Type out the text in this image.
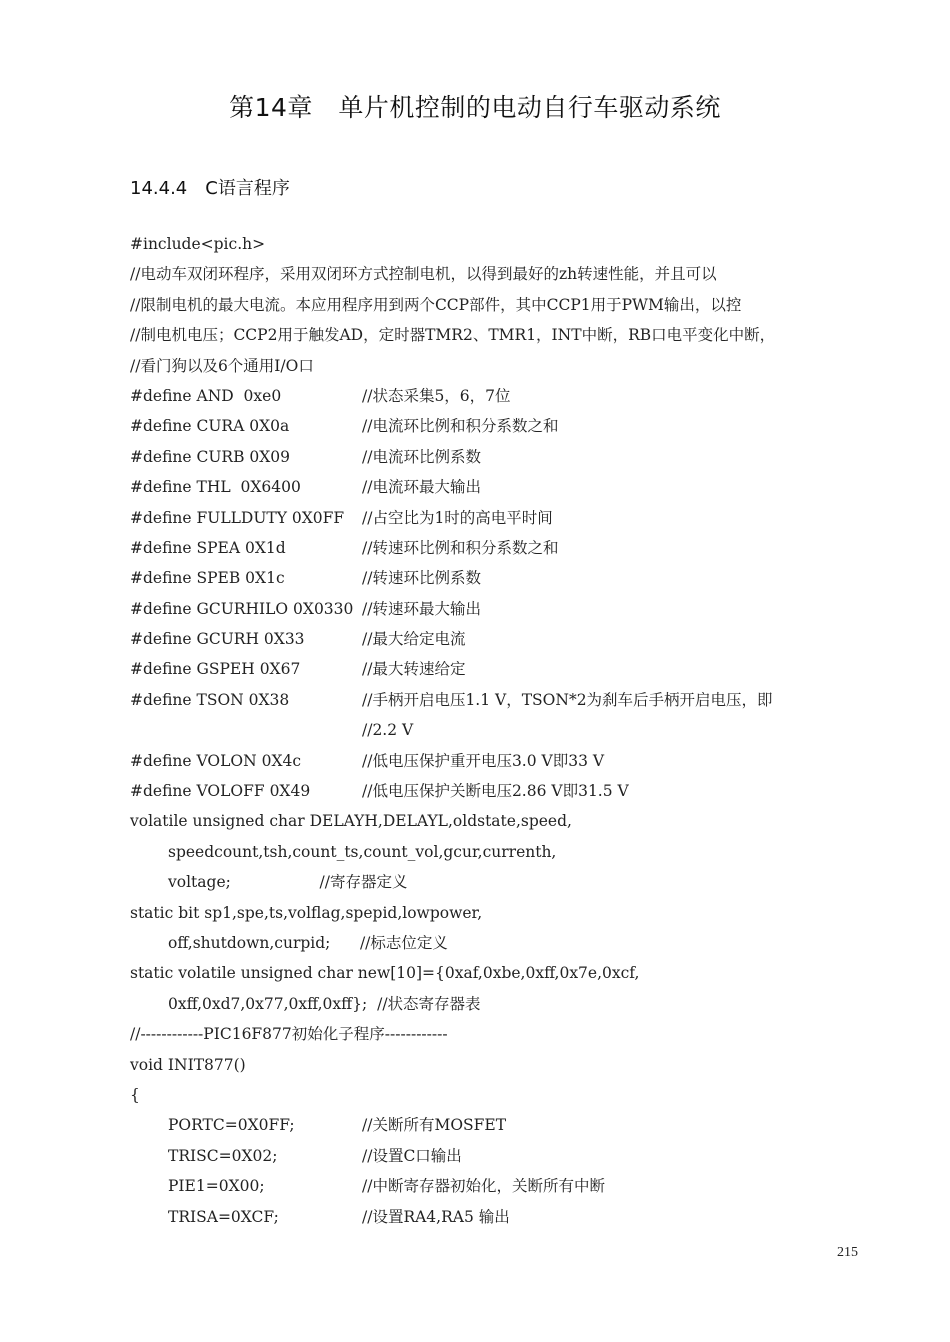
第14章　单片机控制的电动自行车驱动系统
14.4.4　C语言程序
#include<pic.h>
//电动车双闭环程序，采用双闭环方式控制电机，以得到最好的zh转速性能，并且可以
//限制电机的最大电流。本应用程序用到两个CCP部件，其中CCP1用于PWM输出，以控
//制电机电压；CCP2用于触发AD，定时器TMR2、TMR1，INT中断，RB口电平变化中断，
//看门狗以及6个通用I/O口
#define AND  0xe0	//状态采集5，6，7位
#define CURA 0X0a	//电流环比例和积分系数之和
#define CURB 0X09	//电流环比例系数
#define THL  0X6400	//电流环最大输出
#define FULLDUTY 0X0FF //占空比为1时的高电平时间
#define SPEA 0X1d	//转速环比例和积分系数之和
#define SPEB 0X1c	//转速环比例系数
#define GCURHILO 0X0330 //转速环最大输出
#define GCURH 0X33	//最大给定电流
#define GSPEH 0X67	//最大转速给定
#define TSON 0X38	//手柄开启电压1.1 V，TSON*2为刹车后手柄开启电压，即
//2.2 V
#define VOLON 0X4c	//低电压保护重开电压3.0 V即33 V
#define VOLOFF 0X49	//低电压保护关断电压2.86 V即31.5 V
volatile unsigned char DELAYH,DELAYL,oldstate,speed,
speedcount,tsh,count_ts,count_vol,gcur,currenth,
voltage;                  //寄存器定义
static bit sp1,spe,ts,volflag,spepid,lowpower,
off,shutdown,curpid;      //标志位定义
static volatile unsigned char new[10]={0xaf,0xbe,0xff,0x7e,0xcf,
0xff,0xd7,0x77,0xff,0xff};  //状态寄存器表
//------------PIC16F877初始化子程序------------
void INIT877()
{
PORTC=0X0FF;	//关断所有MOSFET
TRISC=0X02;	//设置C口输出
PIE1=0X00;	//中断寄存器初始化，关断所有中断
TRISA=0XCF;	//设置RA4,RA5 输出
215
